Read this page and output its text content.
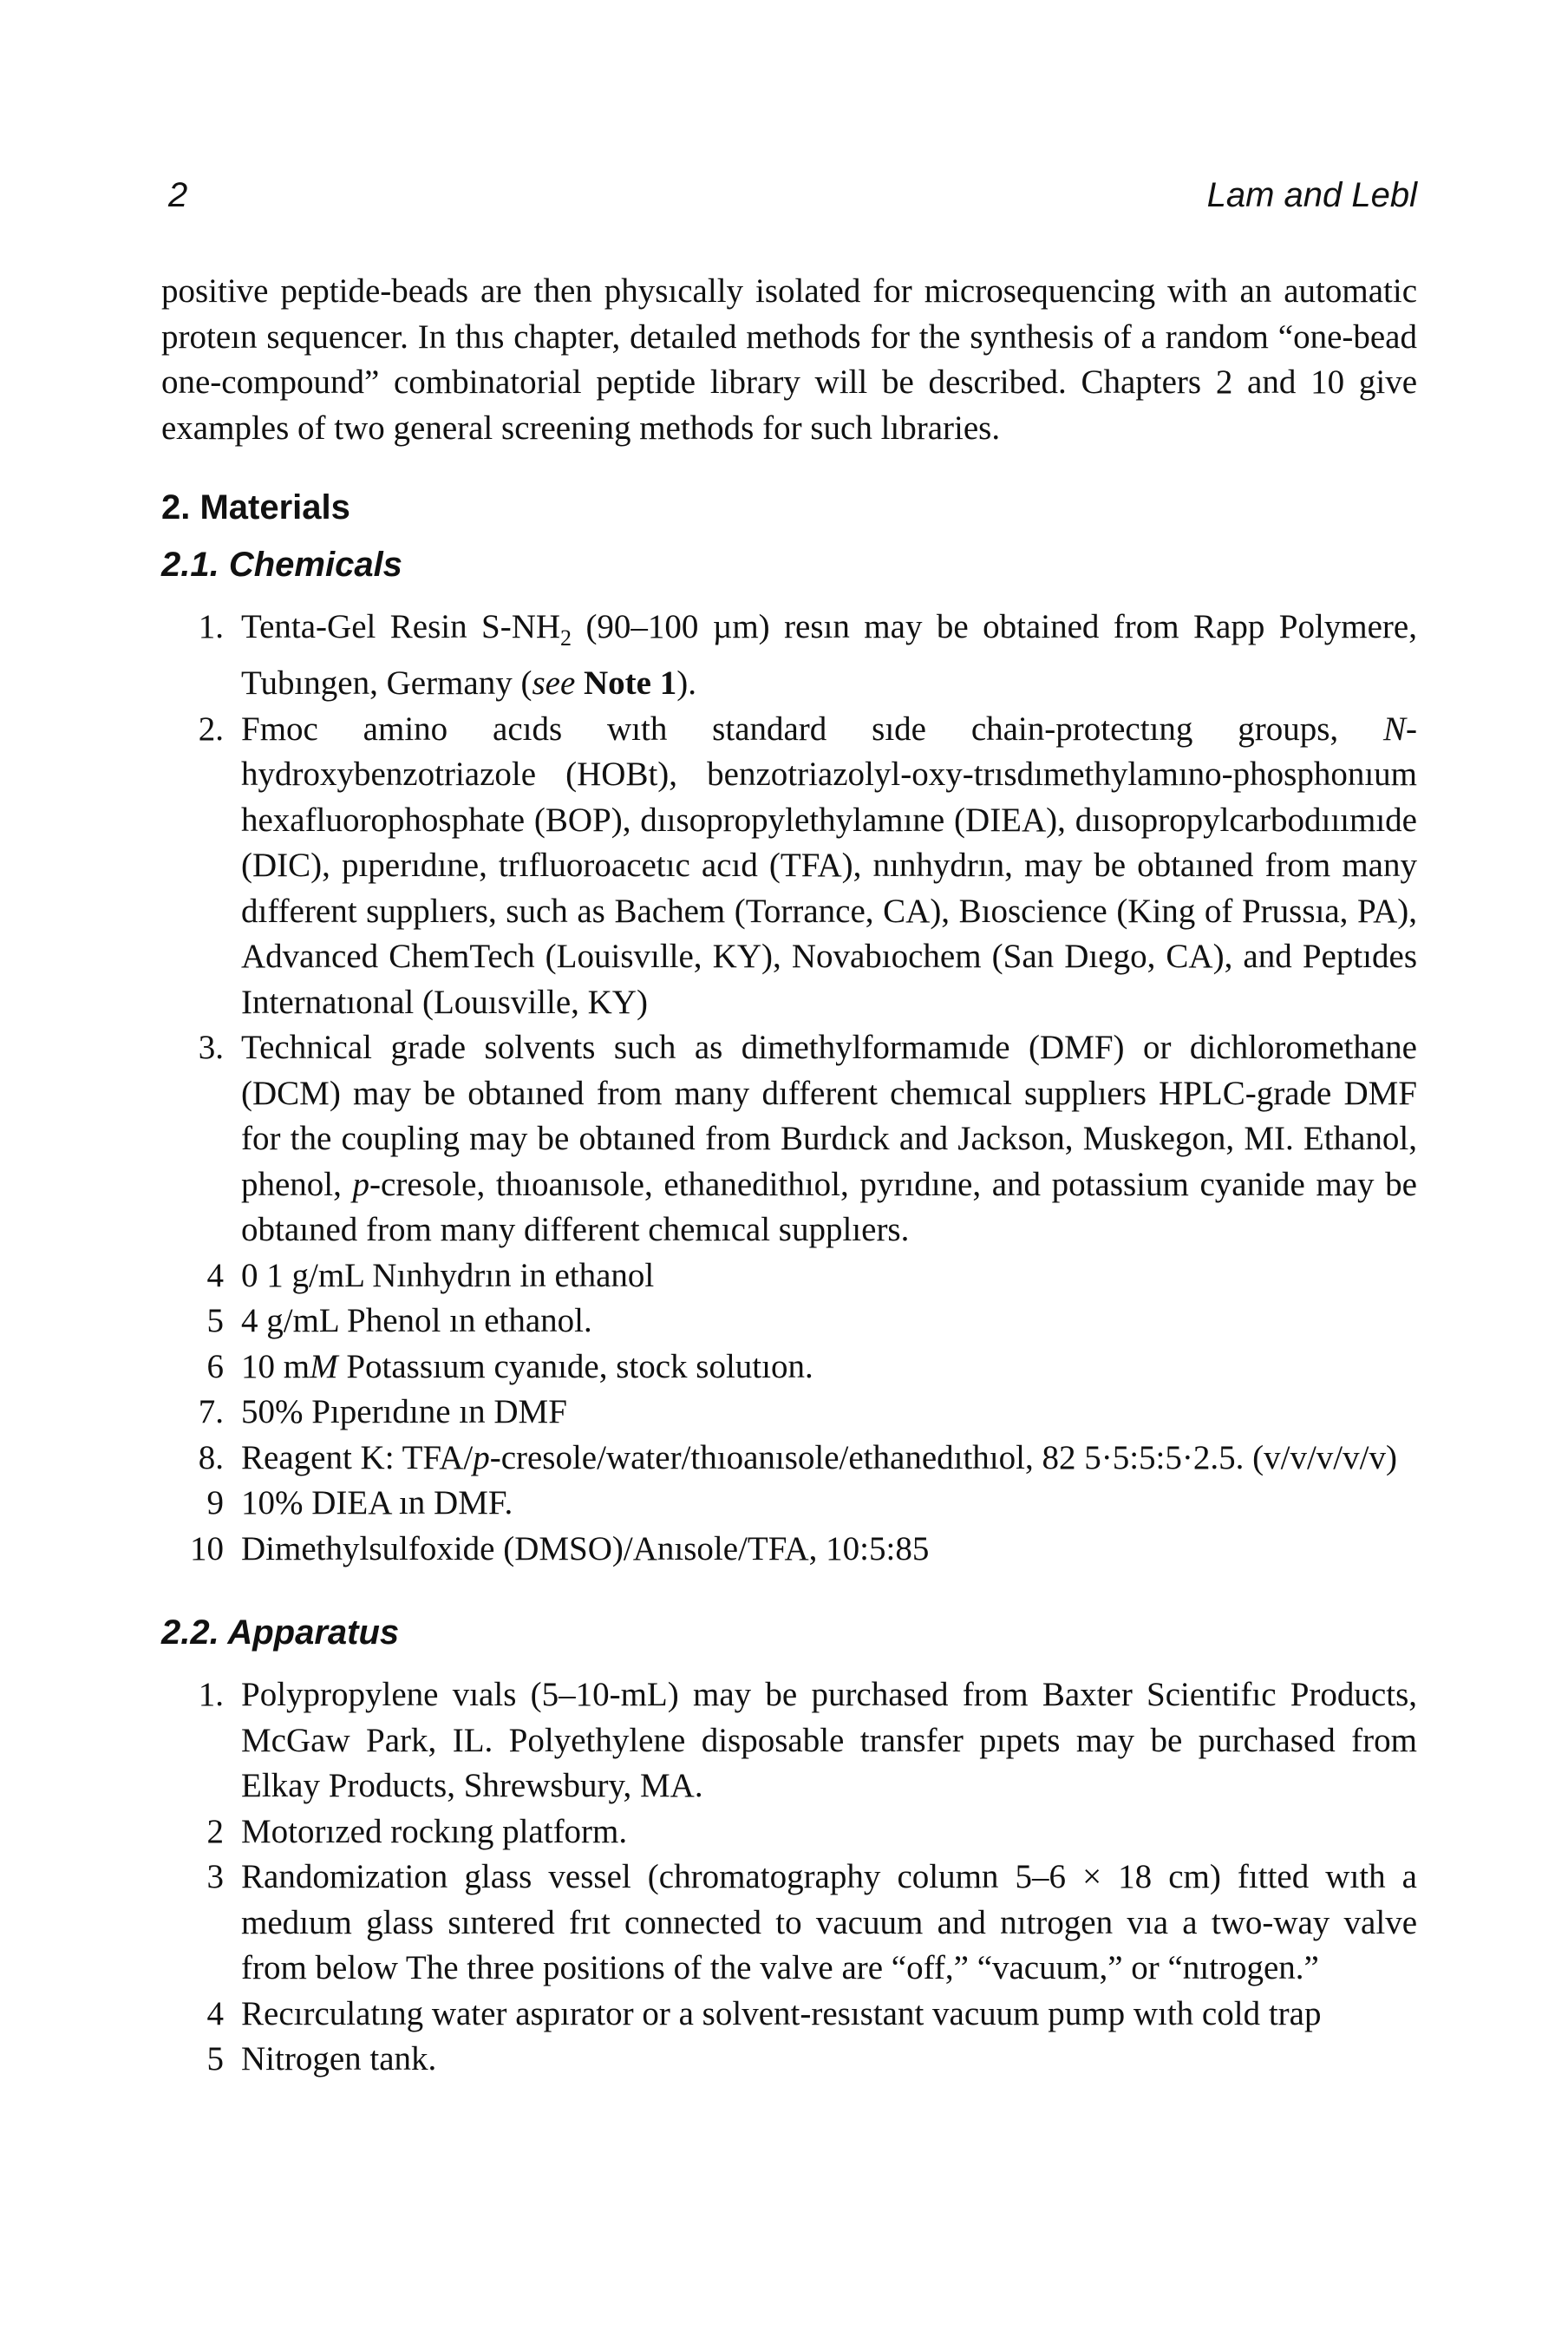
2	Lam and Lebl

positive peptide-beads are then physıcally isolated for microsequencing with an automatic proteın sequencer. In thıs chapter, detaıled methods for the synthesis of a random “one-bead one-compound” combinatorial peptide library will be described. Chapters 2 and 10 give examples of two general screening methods for such lıbraries.

2. Materials
2.1. Chemicals
1. Tenta-Gel Resin $S-NH_2$ (90–100 µm) resın may be obtained from Rapp Polymere, Tubıngen, Germany (see Note 1).
2. Fmoc amino acıds wıth standard sıde chain-protectıng groups, N-hydroxybenzotriazole (HOBt), benzotriazolyl-oxy-trısdımethylamıno-phosphonıum hexafluorophosphate (BOP), dıısopropylethylamıne (DIEA), dıısopropylcarbodııımıde (DIC), pıperıdıne, trıfluoroacetıc acıd (TFA), nınhydrın, may be obtaıned from many dıfferent supplıers, such as Bachem (Torrance, CA), Bıoscience (King of Prussıa, PA), Advanced ChemTech (Louisvılle, KY), Novabıochem (San Dıego, CA), and Peptıdes Internatıonal (Louısville, KY)
3. Technical grade solvents such as dimethylformamıde (DMF) or dichloromethane (DCM) may be obtaıned from many dıfferent chemıcal supplıers HPLC-grade DMF for the coupling may be obtaıned from Burdıck and Jackson, Muskegon, MI. Ethanol, phenol, p-cresole, thıoanısole, ethanedithıol, pyrıdıne, and potassium cyanide may be obtaıned from many different chemıcal supplıers.
4 0 1 g/mL Nınhydrın in ethanol
5 4 g/mL Phenol ın ethanol.
6 10 mM Potassıum cyanıde, stock solutıon.
7. 50% Pıperıdıne ın DMF
8. Reagent K: TFA/p-cresole/water/thıoanısole/ethanedıthıol, 82 5·5:5:5·2.5. (v/v/v/v/v)
9 10% DIEA ın DMF.
10 Dimethylsulfoxide (DMSO)/Anısole/TFA, 10:5:85
2.2. Apparatus
1. Polypropylene vıals (5–10-mL) may be purchased from Baxter Scientifıc Products, McGaw Park, IL. Polyethylene disposable transfer pıpets may be purchased from Elkay Products, Shrewsbury, MA.
2 Motorızed rockıng platform.
3 Randomization glass vessel (chromatography column 5–6 × 18 cm) fıtted wıth a medıum glass sıntered frıt connected to vacuum and nıtrogen vıa a two-way valve from below The three positions of the valve are “off,” “vacuum,” or “nıtrogen.”
4 Recırculatıng water aspırator or a solvent-resıstant vacuum pump wıth cold trap
5 Nitrogen tank.
